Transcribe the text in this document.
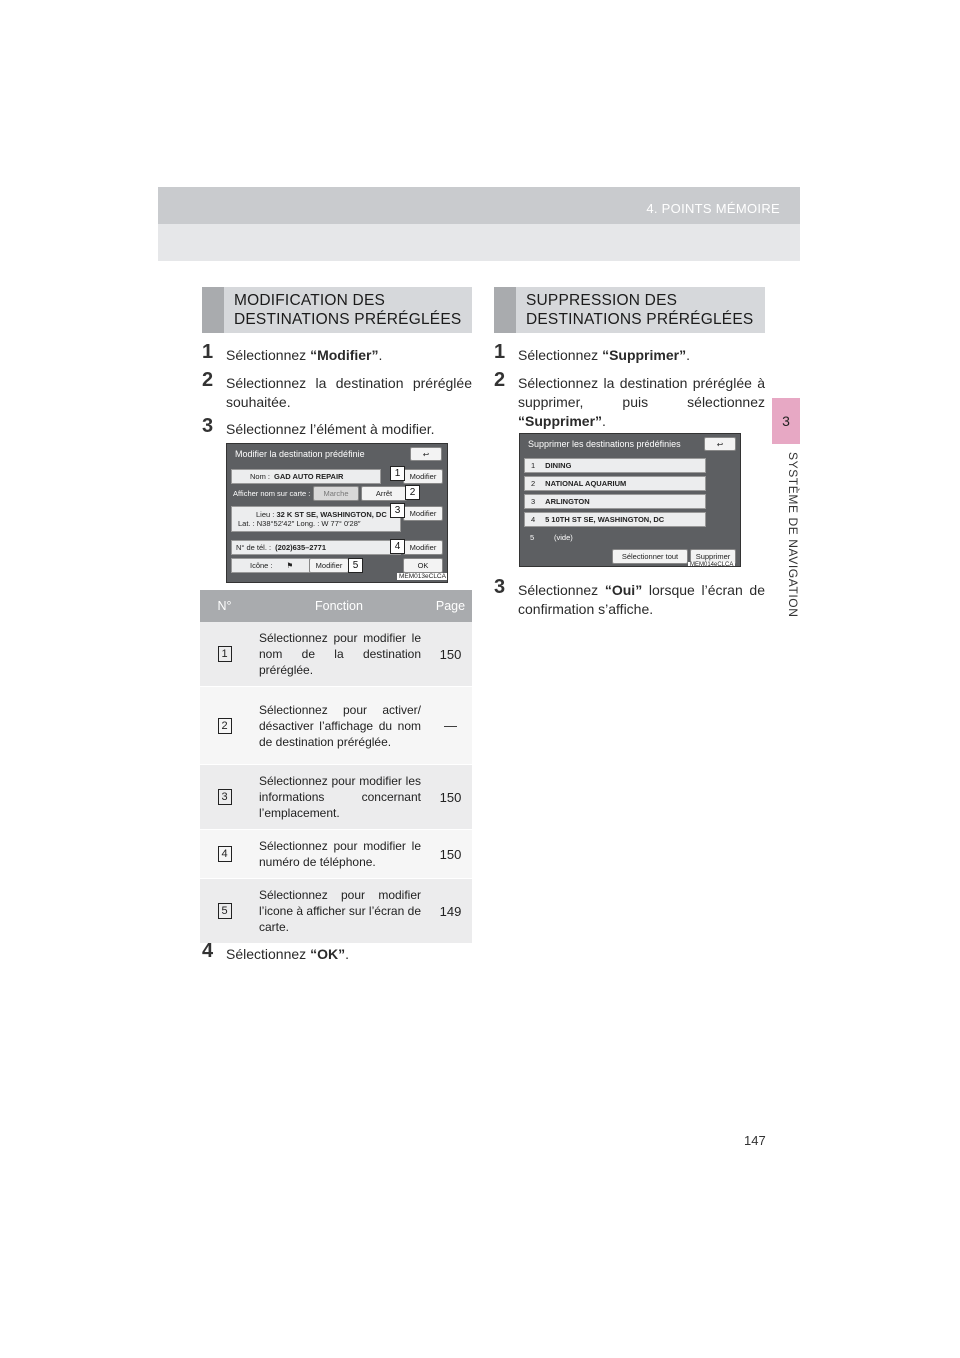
4. POINTS MÉMOIRE
3
SYSTÈME DE NAVIGATION
MODIFICATION DES
DESTINATIONS PRÉRÉGLÉES
1 Sélectionnez “Modifier”.
2 Sélectionnez la destination préréglée souhaitée.
3 Sélectionnez l’élément à modifier.
Modifier la destination prédéfinie	↩
Nom : GAD AUTO REPAIR	Modifier
Afficher nom sur carte :	Marche	Arrêt
Lieu : 32 K ST SE, WASHINGTON, DC
Lat. : N38°52′42″ Long. : W 77° 0′28″
Modifier
N° de tél. : (202)635–2771	Modifier
Icône : ⚑	Modifier	OK
1
2
3
4
5
MEM013eCLCA
N°	Fonction	Page
1	Sélectionnez pour modifier le nom de la destination préréglée.	150
2	Sélectionnez pour activer/ désactiver l’affichage du nom de destination préréglée.	—
3	Sélectionnez pour modifier les informations concernant l’emplacement.	150
4	Sélectionnez pour modifier le numéro de téléphone.	150
5	Sélectionnez pour modifier l’icone à afficher sur l’écran de carte.	149
4 Sélectionnez “OK”.
SUPPRESSION DES
DESTINATIONS PRÉRÉGLÉES
1 Sélectionnez “Supprimer”.
2 Sélectionnez la destination préréglée à supprimer, puis sélectionnez “Supprimer”.
Supprimer les destinations prédéfinies	↩
1 DINING
2 NATIONAL AQUARIUM
3 ARLINGTON
4 5 10TH ST SE, WASHINGTON, DC
5	(vide)
Sélectionner tout	Supprimer
MEM014eCLCA
3 Sélectionnez “Oui” lorsque l’écran de confirmation s’affiche.
147
